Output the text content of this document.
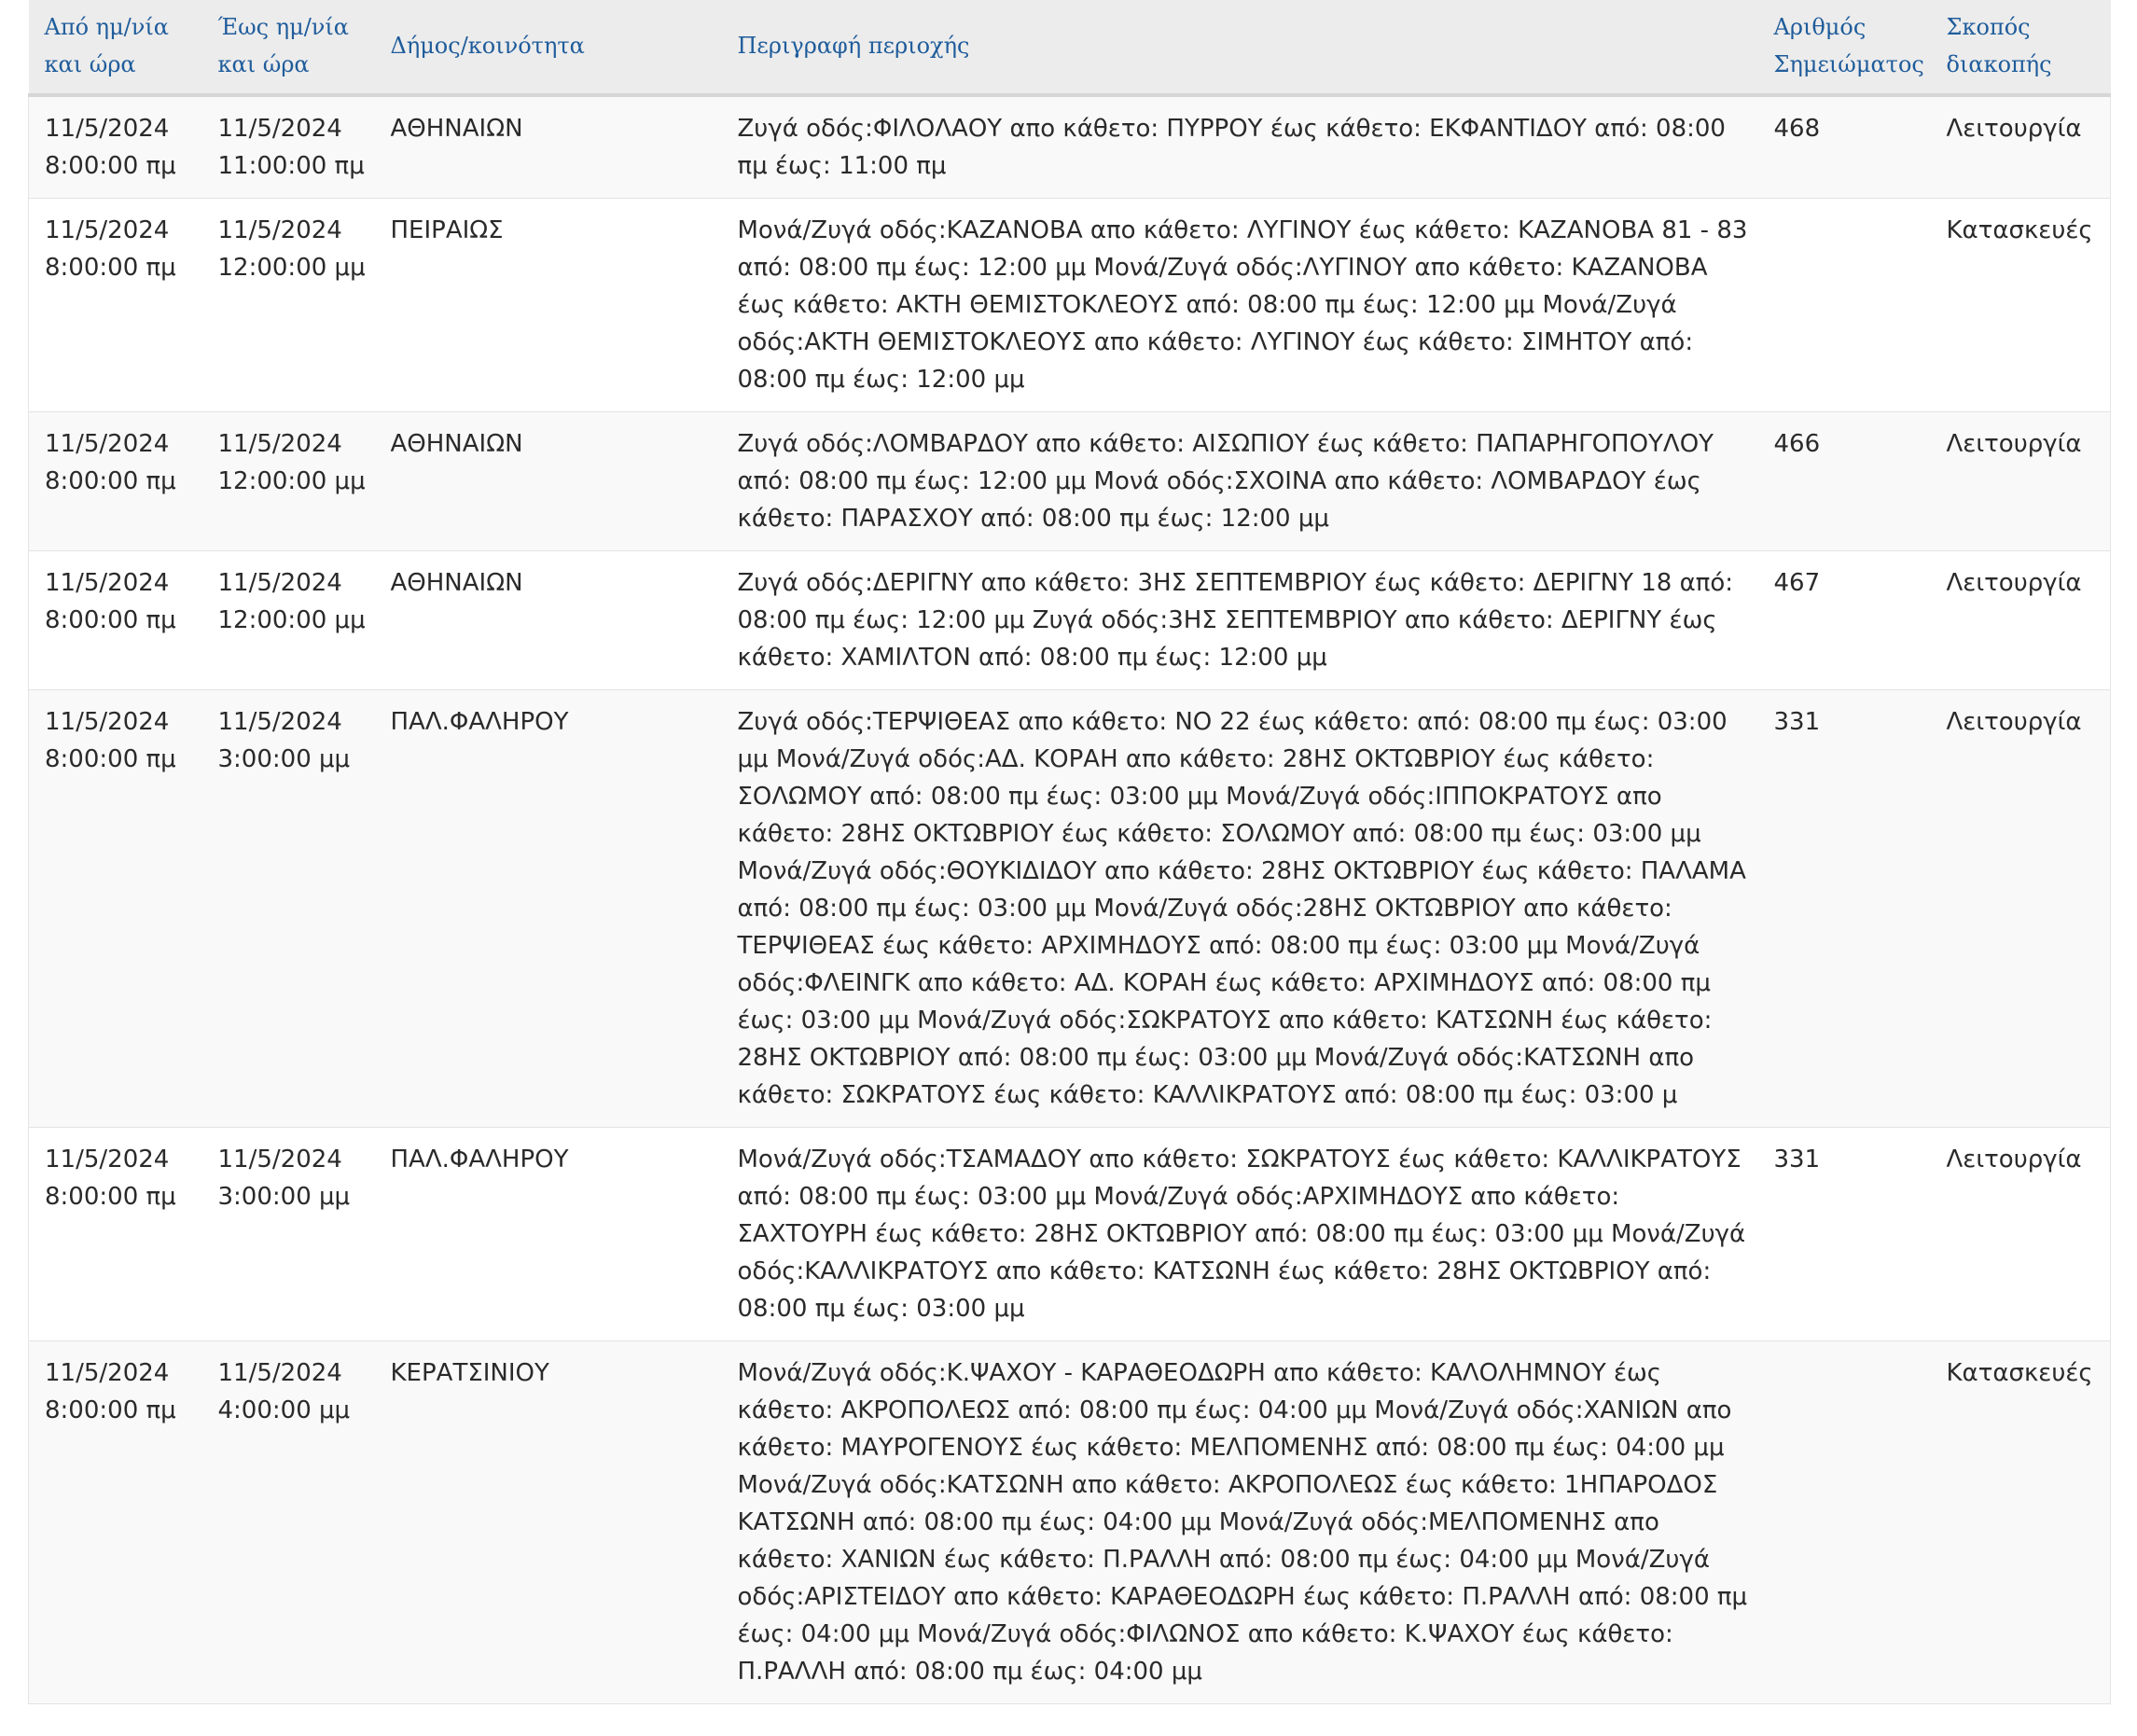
Από ημ/νία και ώρα	Έως ημ/νία και ώρα	Δήμος/κοινότητα	Περιγραφή περιοχής	Αριθμός Σημειώματος	Σκοπός διακοπής
11/5/2024 8:00:00 πμ	11/5/2024 11:00:00 πμ	ΑΘΗΝΑΙΩΝ	Ζυγά οδός:ΦΙΛΟΛΑΟΥ απο κάθετο: ΠΥΡΡΟΥ έως κάθετο: ΕΚΦΑΝΤΙΔΟΥ από: 08:00 πμ έως: 11:00 πμ	468	Λειτουργία
11/5/2024 8:00:00 πμ	11/5/2024 12:00:00 μμ	ΠΕΙΡΑΙΩΣ	Μονά/Ζυγά οδός:ΚΑΖΑΝΟΒΑ απο κάθετο: ΛΥΓΙΝΟΥ έως κάθετο: ΚΑΖΑΝΟΒΑ 81 - 83 από: 08:00 πμ έως: 12:00 μμ Μονά/Ζυγά οδός:ΛΥΓΙΝΟΥ απο κάθετο: ΚΑΖΑΝΟΒΑ έως κάθετο: ΑΚΤΗ ΘΕΜΙΣΤΟΚΛΕΟΥΣ από: 08:00 πμ έως: 12:00 μμ Μονά/Ζυγά οδός:ΑΚΤΗ ΘΕΜΙΣΤΟΚΛΕΟΥΣ απο κάθετο: ΛΥΓΙΝΟΥ έως κάθετο: ΣΙΜΗΤΟΥ από: 08:00 πμ έως: 12:00 μμ		Κατασκευές
11/5/2024 8:00:00 πμ	11/5/2024 12:00:00 μμ	ΑΘΗΝΑΙΩΝ	Ζυγά οδός:ΛΟΜΒΑΡΔΟΥ απο κάθετο: ΑΙΣΩΠΙΟΥ έως κάθετο: ΠΑΠΑΡΗΓΟΠΟΥΛΟΥ από: 08:00 πμ έως: 12:00 μμ Μονά οδός:ΣΧΟΙΝΑ απο κάθετο: ΛΟΜΒΑΡΔΟΥ έως κάθετο: ΠΑΡΑΣΧΟΥ από: 08:00 πμ έως: 12:00 μμ	466	Λειτουργία
11/5/2024 8:00:00 πμ	11/5/2024 12:00:00 μμ	ΑΘΗΝΑΙΩΝ	Ζυγά οδός:ΔΕΡΙΓΝΥ απο κάθετο: 3ΗΣ ΣΕΠΤΕΜΒΡΙΟΥ έως κάθετο: ΔΕΡΙΓΝΥ 18 από: 08:00 πμ έως: 12:00 μμ Ζυγά οδός:3ΗΣ ΣΕΠΤΕΜΒΡΙΟΥ απο κάθετο: ΔΕΡΙΓΝΥ έως κάθετο: ΧΑΜΙΛΤΟΝ από: 08:00 πμ έως: 12:00 μμ	467	Λειτουργία
11/5/2024 8:00:00 πμ	11/5/2024 3:00:00 μμ	ΠΑΛ.ΦΑΛΗΡΟΥ	Ζυγά οδός:ΤΕΡΨΙΘΕΑΣ απο κάθετο: ΝΟ 22 έως κάθετο: από: 08:00 πμ έως: 03:00 μμ Μονά/Ζυγά οδός:ΑΔ. ΚΟΡΑΗ απο κάθετο: 28ΗΣ ΟΚΤΩΒΡΙΟΥ έως κάθετο: ΣΟΛΩΜΟΥ από: 08:00 πμ έως: 03:00 μμ Μονά/Ζυγά οδός:ΙΠΠΟΚΡΑΤΟΥΣ απο κάθετο: 28ΗΣ ΟΚΤΩΒΡΙΟΥ έως κάθετο: ΣΟΛΩΜΟΥ από: 08:00 πμ έως: 03:00 μμ Μονά/Ζυγά οδός:ΘΟΥΚΙΔΙΔΟΥ απο κάθετο: 28ΗΣ ΟΚΤΩΒΡΙΟΥ έως κάθετο: ΠΑΛΑΜΑ από: 08:00 πμ έως: 03:00 μμ Μονά/Ζυγά οδός:28ΗΣ ΟΚΤΩΒΡΙΟΥ απο κάθετο: ΤΕΡΨΙΘΕΑΣ έως κάθετο: ΑΡΧΙΜΗΔΟΥΣ από: 08:00 πμ έως: 03:00 μμ Μονά/Ζυγά οδός:ΦΛΕΙΝΓΚ απο κάθετο: ΑΔ. ΚΟΡΑΗ έως κάθετο: ΑΡΧΙΜΗΔΟΥΣ από: 08:00 πμ έως: 03:00 μμ Μονά/Ζυγά οδός:ΣΩΚΡΑΤΟΥΣ απο κάθετο: ΚΑΤΣΩΝΗ έως κάθετο: 28ΗΣ ΟΚΤΩΒΡΙΟΥ από: 08:00 πμ έως: 03:00 μμ Μονά/Ζυγά οδός:ΚΑΤΣΩΝΗ απο κάθετο: ΣΩΚΡΑΤΟΥΣ έως κάθετο: ΚΑΛΛΙΚΡΑΤΟΥΣ από: 08:00 πμ έως: 03:00 μ	331	Λειτουργία
11/5/2024 8:00:00 πμ	11/5/2024 3:00:00 μμ	ΠΑΛ.ΦΑΛΗΡΟΥ	Μονά/Ζυγά οδός:ΤΣΑΜΑΔΟΥ απο κάθετο: ΣΩΚΡΑΤΟΥΣ έως κάθετο: ΚΑΛΛΙΚΡΑΤΟΥΣ από: 08:00 πμ έως: 03:00 μμ Μονά/Ζυγά οδός:ΑΡΧΙΜΗΔΟΥΣ απο κάθετο: ΣΑΧΤΟΥΡΗ έως κάθετο: 28ΗΣ ΟΚΤΩΒΡΙΟΥ από: 08:00 πμ έως: 03:00 μμ Μονά/Ζυγά οδός:ΚΑΛΛΙΚΡΑΤΟΥΣ απο κάθετο: ΚΑΤΣΩΝΗ έως κάθετο: 28ΗΣ ΟΚΤΩΒΡΙΟΥ από: 08:00 πμ έως: 03:00 μμ	331	Λειτουργία
11/5/2024 8:00:00 πμ	11/5/2024 4:00:00 μμ	ΚΕΡΑΤΣΙΝΙΟΥ	Μονά/Ζυγά οδός:Κ.ΨΑΧΟΥ - ΚΑΡΑΘΕΟΔΩΡΗ απο κάθετο: ΚΑΛΟΛΗΜΝΟΥ έως κάθετο: ΑΚΡΟΠΟΛΕΩΣ από: 08:00 πμ έως: 04:00 μμ Μονά/Ζυγά οδός:ΧΑΝΙΩΝ απο κάθετο: ΜΑΥΡΟΓΕΝΟΥΣ έως κάθετο: ΜΕΛΠΟΜΕΝΗΣ από: 08:00 πμ έως: 04:00 μμ Μονά/Ζυγά οδός:ΚΑΤΣΩΝΗ απο κάθετο: ΑΚΡΟΠΟΛΕΩΣ έως κάθετο: 1ΗΠΑΡΟΔΟΣ ΚΑΤΣΩΝΗ από: 08:00 πμ έως: 04:00 μμ Μονά/Ζυγά οδός:ΜΕΛΠΟΜΕΝΗΣ απο κάθετο: ΧΑΝΙΩΝ έως κάθετο: Π.ΡΑΛΛΗ από: 08:00 πμ έως: 04:00 μμ Μονά/Ζυγά οδός:ΑΡΙΣΤΕΙΔΟΥ απο κάθετο: ΚΑΡΑΘΕΟΔΩΡΗ έως κάθετο: Π.ΡΑΛΛΗ από: 08:00 πμ έως: 04:00 μμ Μονά/Ζυγά οδός:ΦΙΛΩΝΟΣ απο κάθετο: Κ.ΨΑΧΟΥ έως κάθετο: Π.ΡΑΛΛΗ από: 08:00 πμ έως: 04:00 μμ		Κατασκευές
